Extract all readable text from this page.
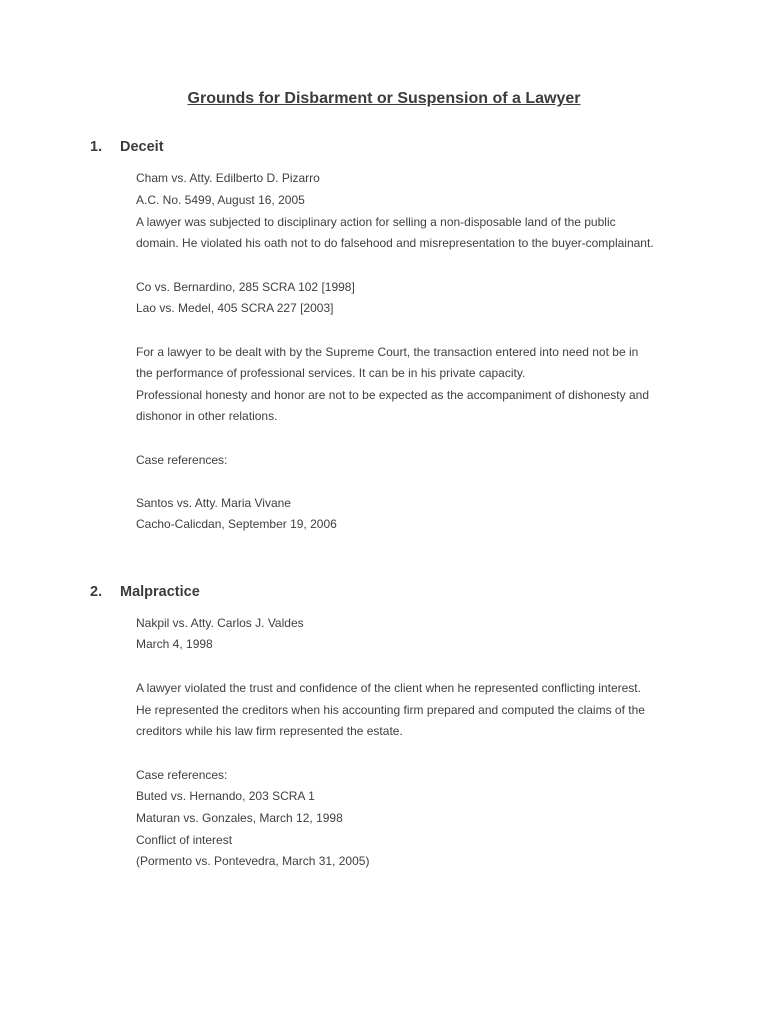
Grounds for Disbarment or Suspension of a Lawyer
1. Deceit

Cham vs. Atty. Edilberto D. Pizarro

A.C. No. 5499, August 16, 2005

A lawyer was subjected to disciplinary action for selling a non-disposable land of the public

domain. He violated his oath not to do falsehood and misrepresentation to the buyer-complainant.

Co vs. Bernardino, 285 SCRA 102 [1998]

Lao vs. Medel, 405 SCRA 227 [2003]

For a lawyer to be dealt with by the Supreme Court, the transaction entered into need not be in

the performance of professional services. It can be in his private capacity.

Professional honesty and honor are not to be expected as the accompaniment of dishonesty and

dishonor in other relations.

Case references:

Santos vs. Atty. Maria Vivane

Cacho-Calicdan, September 19, 2006

2. Malpractice

Nakpil vs. Atty. Carlos J. Valdes

March 4, 1998

A lawyer violated the trust and confidence of the client when he represented conflicting interest.

He represented the creditors when his accounting firm prepared and computed the claims of the

creditors while his law firm represented the estate.

Case references:

Buted vs. Hernando, 203 SCRA 1

Maturan vs. Gonzales, March 12, 1998

Conflict of interest

(Pormento vs. Pontevedra, March 31, 2005)
